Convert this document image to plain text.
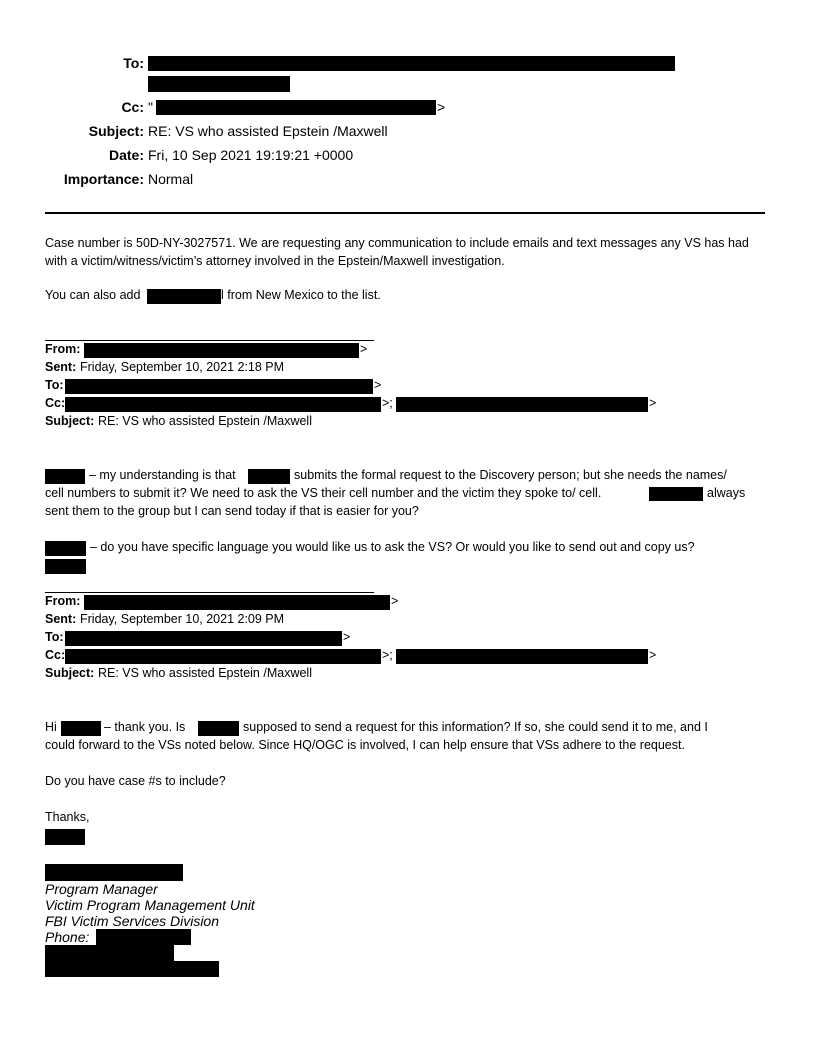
To:
Cc: "	>
Subject: RE: VS who assisted Epstein /Maxwell
Date: Fri, 10 Sep 2021 19:19:21 +0000
Importance: Normal
Case number is 50D-NY-3027571. We are requesting any communication to include emails and text messages any VS has had with a victim/witness/victim’s attorney involved in the Epstein/Maxwell investigation.
You can also add	l from New Mexico to the list.
From:	>
Sent: Friday, September 10, 2021 2:18 PM
To:	>
Cc:	>;	>
Subject: RE: VS who assisted Epstein /Maxwell
– my understanding is that	submits the formal request to the Discovery person; but she needs the names/
cell numbers to submit it? We need to ask the VS their cell number and the victim they spoke to/ cell.	always
sent them to the group but I can send today if that is easier for you?
– do you have specific language you would like us to ask the VS? Or would you like to send out and copy us?
From:	>
Sent: Friday, September 10, 2021 2:09 PM
To:	>
Cc:	>;	>
Subject: RE: VS who assisted Epstein /Maxwell
Hi	– thank you. Is	supposed to send a request for this information? If so, she could send it to me, and I
could forward to the VSs noted below. Since HQ/OGC is involved, I can help ensure that VSs adhere to the request.
Do you have case #s to include?
Thanks,
Program Manager
Victim Program Management Unit
FBI Victim Services Division
Phone:
